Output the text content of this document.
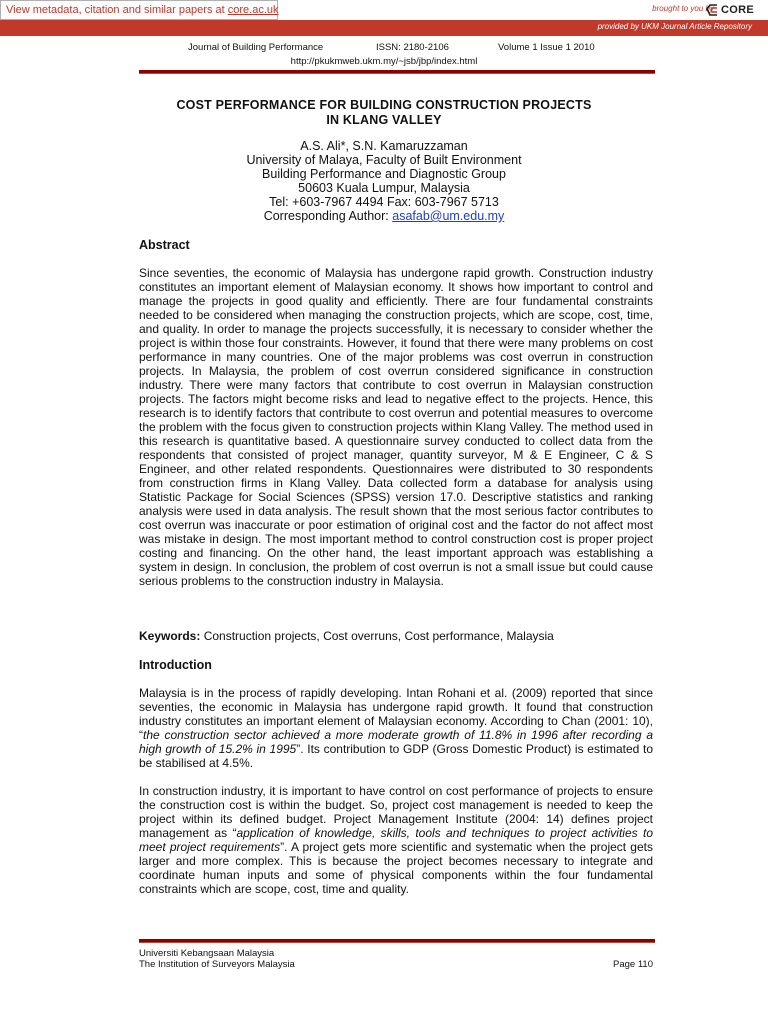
View metadata, citation and similar papers at core.ac.uk	brought to you by CORE
provided by UKM Journal Article Repository
Journal of Building Performance	ISSN: 2180-2106	Volume 1 Issue 1 2010
http://pkukmweb.ukm.my/~jsb/jbp/index.html
COST PERFORMANCE FOR BUILDING CONSTRUCTION PROJECTS
IN KLANG VALLEY
A.S. Ali*, S.N. Kamaruzzaman
University of Malaya, Faculty of Built Environment
Building Performance and Diagnostic Group
50603 Kuala Lumpur, Malaysia
Tel: +603-7967 4494 Fax: 603-7967 5713
Corresponding Author: asafab@um.edu.my
Abstract
Since seventies, the economic of Malaysia has undergone rapid growth. Construction industry constitutes an important element of Malaysian economy. It shows how important to control and manage the projects in good quality and efficiently. There are four fundamental constraints needed to be considered when managing the construction projects, which are scope, cost, time, and quality. In order to manage the projects successfully, it is necessary to consider whether the project is within those four constraints. However, it found that there were many problems on cost performance in many countries. One of the major problems was cost overrun in construction projects. In Malaysia, the problem of cost overrun considered significance in construction industry. There were many factors that contribute to cost overrun in Malaysian construction projects. The factors might become risks and lead to negative effect to the projects. Hence, this research is to identify factors that contribute to cost overrun and potential measures to overcome the problem with the focus given to construction projects within Klang Valley. The method used in this research is quantitative based. A questionnaire survey conducted to collect data from the respondents that consisted of project manager, quantity surveyor, M & E Engineer, C & S Engineer, and other related respondents. Questionnaires were distributed to 30 respondents from construction firms in Klang Valley. Data collected form a database for analysis using Statistic Package for Social Sciences (SPSS) version 17.0. Descriptive statistics and ranking analysis were used in data analysis. The result shown that the most serious factor contributes to cost overrun was inaccurate or poor estimation of original cost and the factor do not affect most was mistake in design. The most important method to control construction cost is proper project costing and financing. On the other hand, the least important approach was establishing a system in design. In conclusion, the problem of cost overrun is not a small issue but could cause serious problems to the construction industry in Malaysia.
Keywords: Construction projects, Cost overruns, Cost performance, Malaysia
Introduction
Malaysia is in the process of rapidly developing. Intan Rohani et al. (2009) reported that since seventies, the economic in Malaysia has undergone rapid growth. It found that construction industry constitutes an important element of Malaysian economy. According to Chan (2001: 10), “the construction sector achieved a more moderate growth of 11.8% in 1996 after recording a high growth of 15.2% in 1995”. Its contribution to GDP (Gross Domestic Product) is estimated to be stabilised at 4.5%.
In construction industry, it is important to have control on cost performance of projects to ensure the construction cost is within the budget. So, project cost management is needed to keep the project within its defined budget. Project Management Institute (2004: 14) defines project management as “application of knowledge, skills, tools and techniques to project activities to meet project requirements”. A project gets more scientific and systematic when the project gets larger and more complex. This is because the project becomes necessary to integrate and coordinate human inputs and some of physical components within the four fundamental constraints which are scope, cost, time and quality.
Universiti Kebangsaan Malaysia
The Institution of Surveyors Malaysia	Page 110
